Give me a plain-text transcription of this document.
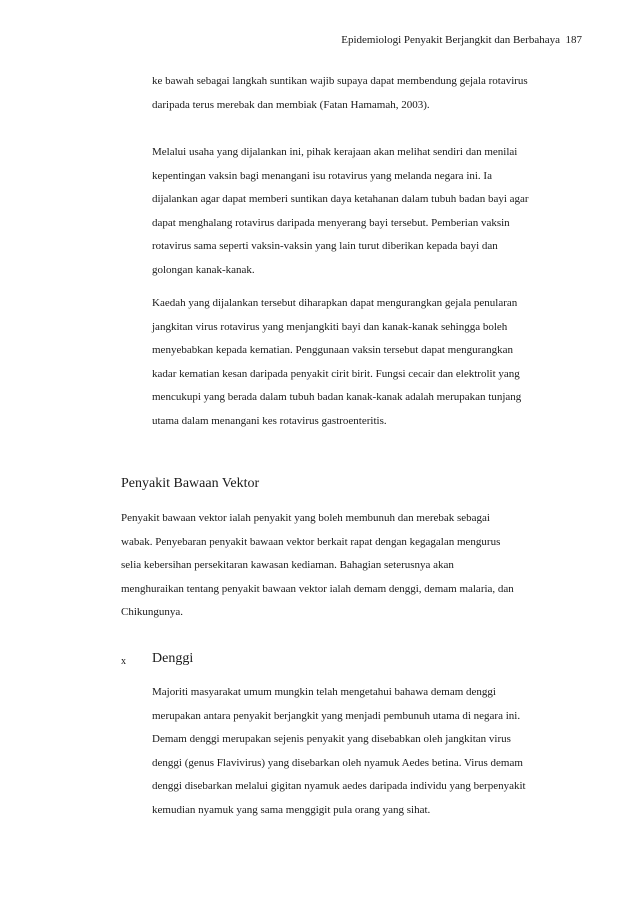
Epidemiologi Penyakit Berjangkit dan Berbahaya 187

ke bawah sebagai langkah suntikan wajib supaya dapat membendung gejala rotavirus

daripada terus merebak dan membiak (Fatan Hamamah, 2003).

Melalui usaha yang dijalankan ini, pihak kerajaan akan melihat sendiri dan menilai

kepentingan vaksin bagi menangani isu rotavirus yang melanda negara ini. Ia

dijalankan agar dapat memberi suntikan daya ketahanan dalam tubuh badan bayi agar

dapat menghalang rotavirus daripada menyerang bayi tersebut. Pemberian vaksin

rotavirus sama seperti vaksin-vaksin yang lain turut diberikan kepada bayi dan

golongan kanak-kanak.

Kaedah yang dijalankan tersebut diharapkan dapat mengurangkan gejala penularan

jangkitan virus rotavirus yang menjangkiti bayi dan kanak-kanak sehingga boleh

menyebabkan kepada kematian. Penggunaan vaksin tersebut dapat mengurangkan

kadar kematian kesan daripada penyakit cirit birit. Fungsi cecair dan elektrolit yang

mencukupi yang berada dalam tubuh badan kanak-kanak adalah merupakan tunjang

utama dalam menangani kes rotavirus gastroenteritis.

Penyakit Bawaan Vektor

Penyakit bawaan vektor ialah penyakit yang boleh membunuh dan merebak sebagai

wabak. Penyebaran penyakit bawaan vektor berkait rapat dengan kegagalan mengurus

selia kebersihan persekitaran kawasan kediaman. Bahagian seterusnya akan

menghuraikan tentang penyakit bawaan vektor ialah demam denggi, demam malaria, dan

Chikungunya.

x Denggi

Majoriti masyarakat umum mungkin telah mengetahui bahawa demam denggi

merupakan antara penyakit berjangkit yang menjadi pembunuh utama di negara ini.

Demam denggi merupakan sejenis penyakit yang disebabkan oleh jangkitan virus

denggi (genus Flavivirus) yang disebarkan oleh nyamuk Aedes betina. Virus demam

denggi disebarkan melalui gigitan nyamuk aedes daripada individu yang berpenyakit

kemudian nyamuk yang sama menggigit pula orang yang sihat.
